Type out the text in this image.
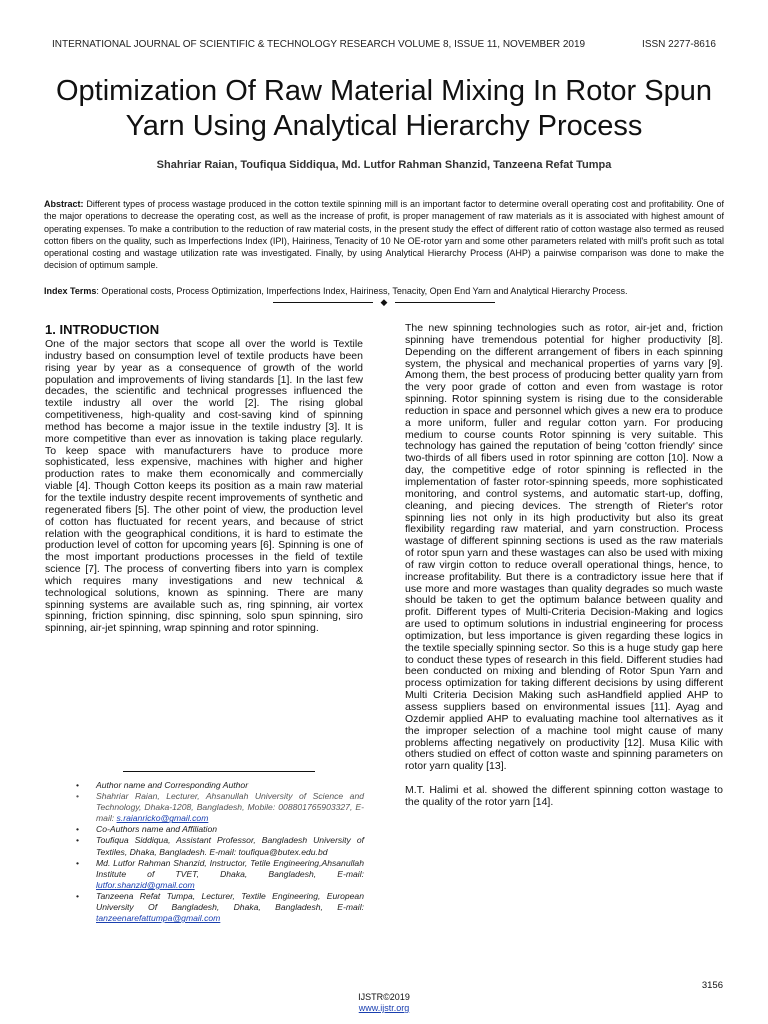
INTERNATIONAL JOURNAL OF SCIENTIFIC & TECHNOLOGY RESEARCH VOLUME 8, ISSUE 11, NOVEMBER 2019	ISSN 2277-8616
Optimization Of Raw Material Mixing In Rotor Spun Yarn Using Analytical Hierarchy Process
Shahriar Raian, Toufiqua Siddiqua, Md. Lutfor Rahman Shanzid, Tanzeena Refat Tumpa

Abstract: Different types of process wastage produced in the cotton textile spinning mill is an important factor to determine overall operating cost and profitability. One of the major operations to decrease the operating cost, as well as the increase of profit, is proper management of raw materials as it is associated with highest amount of operating expenses. To make a contribution to the reduction of raw material costs, in the present study the effect of different ratio of cotton wastage also termed as reused cotton fibers on the quality, such as Imperfections Index (IPI), Hairiness, Tenacity of 10 Ne OE-rotor yarn and some other parameters related with mill's profit such as total operational costing and wastage utilization rate was investigated. Finally, by using Analytical Hierarchy Process (AHP) a pairwise comparison was done to make the decision of optimum sample.

Index Terms: Operational costs, Process Optimization, Imperfections Index, Hairiness, Tenacity, Open End Yarn and Analytical Hierarchy Process.

◆
1. INTRODUCTION

One of the major sectors that scope all over the world is Textile industry based on consumption level of textile products have been rising year by year as a consequence of growth of the world population and improvements of living standards [1]. In the last few decades, the scientific and technical progresses influenced the textile industry all over the world [2]. The rising global competitiveness, high-quality and cost-saving kind of spinning method has become a major issue in the textile industry [3]. It is more competitive than ever as innovation is taking place regularly. To keep space with manufacturers have to produce more sophisticated, less expensive, machines with higher and higher production rates to make them economically and commercially viable [4]. Though Cotton keeps its position as a main raw material for the textile industry despite recent improvements of synthetic and regenerated fibers [5]. The other point of view, the production level of cotton has fluctuated for recent years, and because of strict relation with the geographical conditions, it is hard to estimate the production level of cotton for upcoming years [6]. Spinning is one of the most important productions processes in the field of textile science [7]. The process of converting fibers into yarn is complex which requires many investigations and new technical & technological solutions, known as spinning. There are many spinning systems are available such as, ring spinning, air vortex spinning, friction spinning, disc spinning, solo spun spinning, siro spinning, air-jet spinning, wrap spinning and rotor spinning.

• Author name and Corresponding Author
• Shahriar Raian, Lecturer, Ahsanullah University of Science and Technology, Dhaka-1208, Bangladesh, Mobile: 008801765903327, E-mail: s.raianricko@gmail.com
• Co-Authors name and Affiliation
• Toufiqua Siddiqua, Assistant Professor, Bangladesh University of Textiles, Dhaka, Bangladesh. E-mail: toufiqua@butex.edu.bd
• Md. Lutfor Rahman Shanzid, Instructor, Tetile Engineering,Ahsanullah Institute of TVET, Dhaka, Bangladesh, E-mail: lutfor.shanzid@gmail.com
• Tanzeena Refat Tumpa, Lecturer, Textile Engineering, European University Of Bangladesh, Dhaka, Bangladesh, E-mail: tanzeenarefattumpa@gmail.com

The new spinning technologies such as rotor, air-jet and, friction spinning have tremendous potential for higher productivity [8]. Depending on the different arrangement of fibers in each spinning system, the physical and mechanical properties of yarns vary [9]. Among them, the best process of producing better quality yarn from the very poor grade of cotton and even from wastage is rotor spinning. Rotor spinning system is rising due to the considerable reduction in space and personnel which gives a new era to produce a more uniform, fuller and regular cotton yarn. For producing medium to course counts Rotor spinning is very suitable. This technology has gained the reputation of being 'cotton friendly' since two-thirds of all fibers used in rotor spinning are cotton [10]. Now a day, the competitive edge of rotor spinning is reflected in the implementation of faster rotor-spinning speeds, more sophisticated monitoring, and control systems, and automatic start-up, doffing, cleaning, and piecing devices. The strength of Rieter's rotor spinning lies not only in its high productivity but also its great flexibility regarding raw material, and yarn construction. Process wastage of different spinning sections is used as the raw materials of rotor spun yarn and these wastages can also be used with mixing of raw virgin cotton to reduce overall operational things, hence, to increase profitability. But there is a contradictory issue here that if use more and more wastages than quality degrades so much waste should be taken to get the optimum balance between quality and profit. Different types of Multi-Criteria Decision-Making and logics are used to optimum solutions in industrial engineering for process optimization, but less importance is given regarding these logics in the textile specially spinning sector. So this is a huge study gap here to conduct these types of research in this field. Different studies had been conducted on mixing and blending of Rotor Spun Yarn and process optimization for taking different decisions by using different Multi Criteria Decision Making such asHandfield applied AHP to assess suppliers based on environmental issues [11]. Ayag and Ozdemir applied AHP to evaluating machine tool alternatives as it the improper selection of a machine tool might cause of many problems affecting negatively on productivity [12]. Musa Kilic with others studied on effect of cotton waste and spinning parameters on rotor yarn quality [13].

M.T. Halimi et al. showed the different spinning cotton wastage to the quality of the rotor yarn [14].

3156
IJSTR©2019
www.ijstr.org
